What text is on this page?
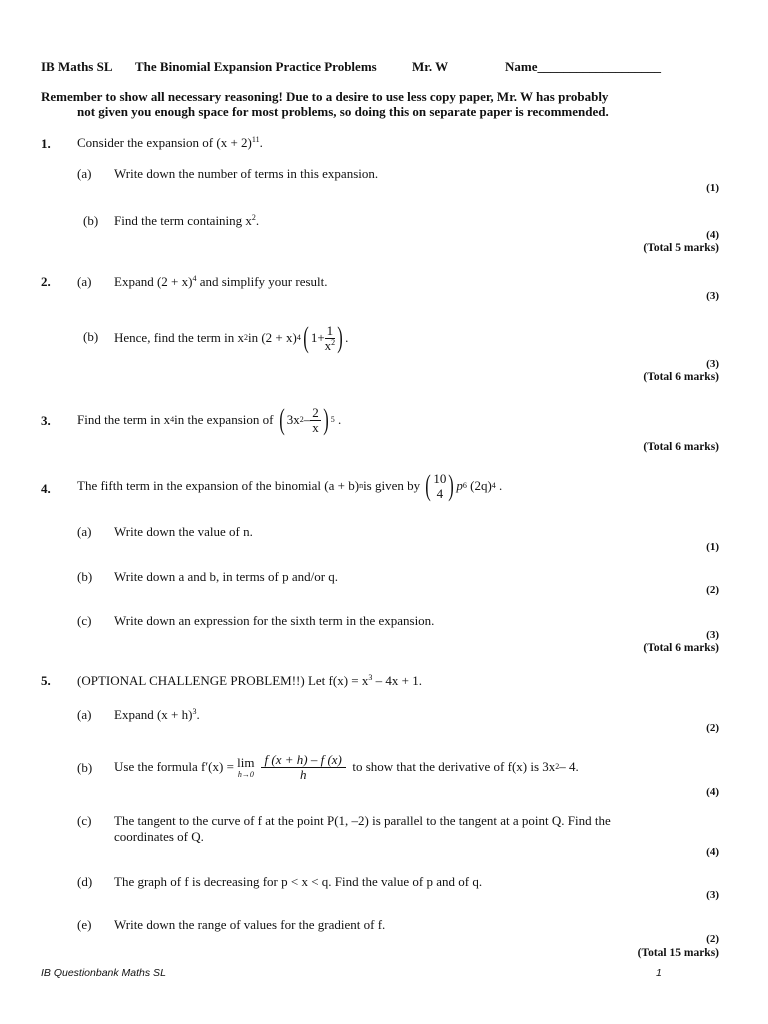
IB Maths SL The Binomial Expansion Practice Problems	Mr. W	Name___________________
Remember to show all necessary reasoning! Due to a desire to use less copy paper, Mr. W has probably
not given you enough space for most problems, so doing this on separate paper is recommended.
1. Consider the expansion of $(x + 2)^{11}$.
(a) Write down the number of terms in this expansion.
(1)
(b) Find the term containing $x^2$.
(4)
(Total 5 marks)
2. (a) Expand $(2 + x)^4$ and simplify your result.
(3)
(b) Hence, find the term in x 2 in (2 + x) 4 ( $1+ \frac{1}{x^2}$ ) .
(3)
(Total 6 marks)
3. Find the term in x 4 in the expansion of
( 3x $2 - \frac{2}{x}$ ) 5 .
(Total 6 marks)
4. The fifth term in the expansion of the binomial (a + b) n is given by
( 10
4 ) p 6
(2q) 4 .
(a) Write down the value of n.
(1)
(b) Write down a and b, in terms of p and/or q.
(2)
(c) Write down an expression for the sixth term in the expansion.
(3)
(Total 6 marks)
5. (OPTIONAL CHALLENGE PROBLEM!!) Let $f(x) = x^3 - 4x + 1$.
(a) Expand $(x + h)^3$.
(2)
(b) Use the formula f′(x) =
lim
$h\to 0 \frac{f (x + h) - f (x)}{h}$
to show that the derivative of f(x) is 3x 2 – 4.
(4)
(c) The tangent to the curve of f at the point P(1, –2) is parallel to the tangent at a point Q. Find the
coordinates of Q.
(4)
(d) The graph of f is decreasing for p < x < q. Find the value of p and of q.
(3)
(e) Write down the range of values for the gradient of f.
(2)
(Total 15 marks)
IB Questionbank Maths SL	1
